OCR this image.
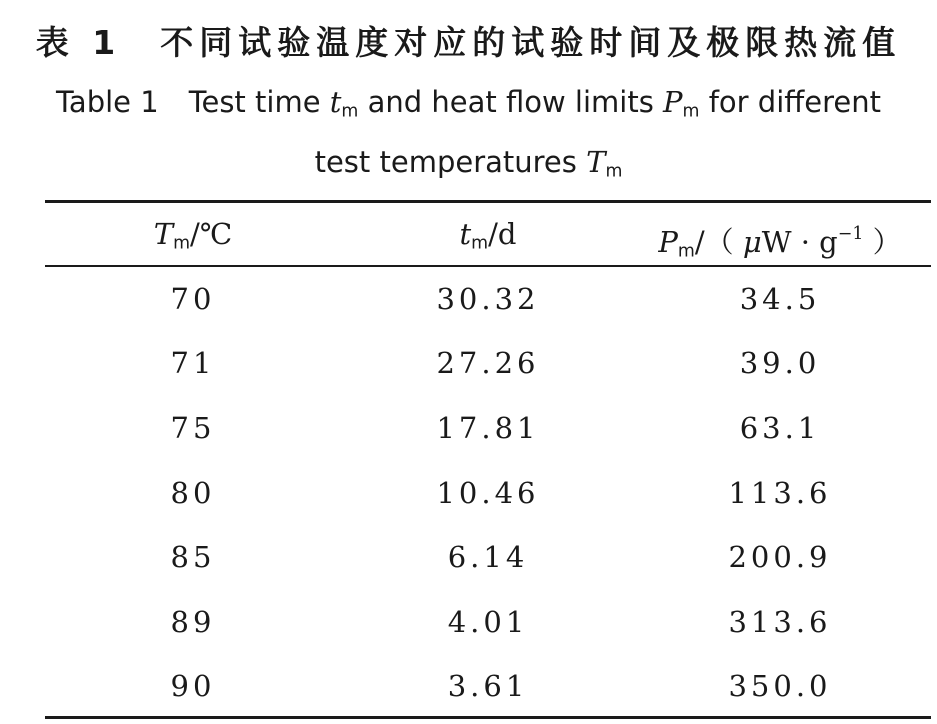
表 1　不同试验温度对应的试验时间及极限热流值
Table 1 Test time $t_m$ and heat flow limits $P_m$ for different
test temperatures $T_m$
$T_m/℃$	$t_m/d$	$P_m/$（ $\mu W \cdot g^{-1}$ ）
70	30.32	34.5
71	27.26	39.0
75	17.81	63.1
80	10.46	113.6
85	6.14	200.9
89	4.01	313.6
90	3.61	350.0
